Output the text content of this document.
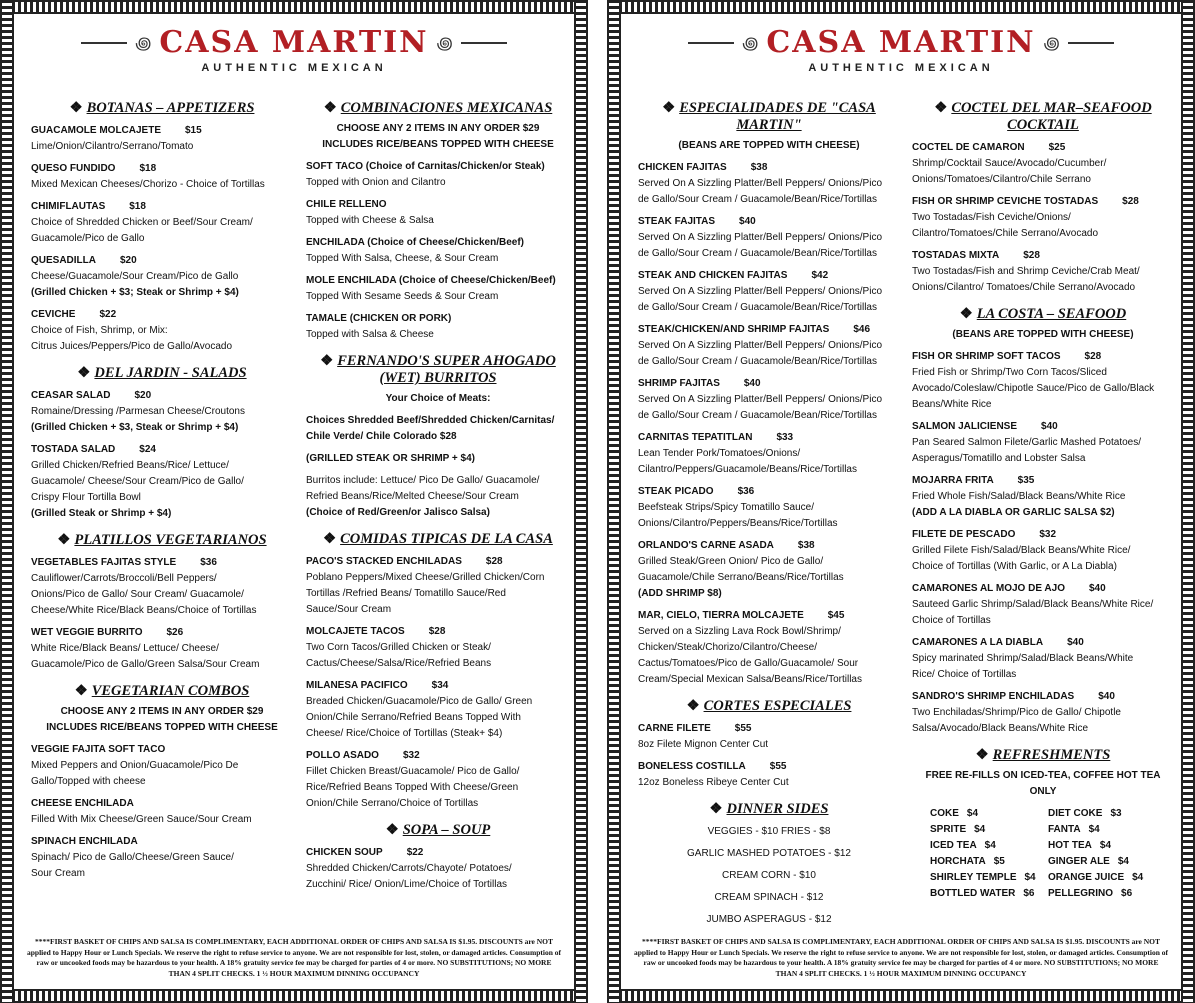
꩜ CASA MARTIN ꩜
AUTHENTIC MEXICAN
❖ BOTANAS – APPETIZERS
GUACAMOLE MOLCAJETE $15
Lime/Onion/Cilantro/Serrano/Tomato
QUESO FUNDIDO $18
Mixed Mexican Cheeses/Chorizo - Choice of Tortillas
CHIMIFLAUTAS $18
Choice of Shredded Chicken or Beef/Sour Cream/
Guacamole/Pico de Gallo
QUESADILLA $20
Cheese/Guacamole/Sour Cream/Pico de Gallo
(Grilled Chicken + $3; Steak or Shrimp + $4)
CEVICHE $22
Choice of Fish, Shrimp, or Mix:
Citrus Juices/Peppers/Pico de Gallo/Avocado
❖ DEL JARDIN - SALADS
CEASAR SALAD $20
Romaine/Dressing /Parmesan Cheese/Croutons
(Grilled Chicken + $3, Steak or Shrimp + $4)
TOSTADA SALAD $24
Grilled Chicken/Refried Beans/Rice/ Lettuce/
Guacamole/ Cheese/Sour Cream/Pico de Gallo/
Crispy Flour Tortilla Bowl
(Grilled Steak or Shrimp + $4)
❖ PLATILLOS VEGETARIANOS
VEGETABLES FAJITAS STYLE $36
Cauliflower/Carrots/Broccoli/Bell Peppers/
Onions/Pico de Gallo/ Sour Cream/ Guacamole/
Cheese/White Rice/Black Beans/Choice of Tortillas
WET VEGGIE BURRITO $26
White Rice/Black Beans/ Lettuce/ Cheese/
Guacamole/Pico de Gallo/Green Salsa/Sour Cream
❖ VEGETARIAN COMBOS
CHOOSE ANY 2 ITEMS IN ANY ORDER $29
INCLUDES RICE/BEANS TOPPED WITH CHEESE
VEGGIE FAJITA SOFT TACO
Mixed Peppers and Onion/Guacamole/Pico De
Gallo/Topped with cheese
CHEESE ENCHILADA
Filled With Mix Cheese/Green Sauce/Sour Cream
SPINACH ENCHILADA
Spinach/ Pico de Gallo/Cheese/Green Sauce/
Sour Cream
❖ COMBINACIONES MEXICANAS
CHOOSE ANY 2 ITEMS IN ANY ORDER $29
INCLUDES RICE/BEANS TOPPED WITH CHEESE
SOFT TACO (Choice of Carnitas/Chicken/or Steak)
Topped with Onion and Cilantro
CHILE RELLENO
Topped with Cheese & Salsa
ENCHILADA (Choice of Cheese/Chicken/Beef)
Topped With Salsa, Cheese, & Sour Cream
MOLE ENCHILADA (Choice of Cheese/Chicken/Beef)
Topped With Sesame Seeds & Sour Cream
TAMALE (CHICKEN OR PORK)
Topped with Salsa & Cheese
❖ FERNANDO'S SUPER AHOGADO (WET) BURRITOS
Your Choice of Meats:
Choices Shredded Beef/Shredded Chicken/Carnitas/
Chile Verde/ Chile Colorado $28
(GRILLED STEAK OR SHRIMP + $4)
Burritos include: Lettuce/ Pico De Gallo/ Guacamole/
Refried Beans/Rice/Melted Cheese/Sour Cream
(Choice of Red/Green/or Jalisco Salsa)
❖ COMIDAS TIPICAS DE LA CASA
PACO'S STACKED ENCHILADAS $28
Poblano Peppers/Mixed Cheese/Grilled Chicken/Corn
Tortillas /Refried Beans/ Tomatillo Sauce/Red
Sauce/Sour Cream
MOLCAJETE TACOS $28
Two Corn Tacos/Grilled Chicken or Steak/
Cactus/Cheese/Salsa/Rice/Refried Beans
MILANESA PACIFICO $34
Breaded Chicken/Guacamole/Pico de Gallo/ Green
Onion/Chile Serrano/Refried Beans Topped With
Cheese/ Rice/Choice of Tortillas (Steak+ $4)
POLLO ASADO $32
Fillet Chicken Breast/Guacamole/ Pico de Gallo/
Rice/Refried Beans Topped With Cheese/Green
Onion/Chile Serrano/Choice of Tortillas
❖ SOPA – SOUP
CHICKEN SOUP $22
Shredded Chicken/Carrots/Chayote/ Potatoes/
Zucchini/ Rice/ Onion/Lime/Choice of Tortillas
****FIRST BASKET OF CHIPS AND SALSA IS COMPLIMENTARY, EACH ADDITIONAL ORDER OF CHIPS AND SALSA IS $1.95. DISCOUNTS are NOT applied to Happy Hour or Lunch Specials. We reserve the right to refuse service to anyone. We are not responsible for lost, stolen, or damaged articles. Consumption of raw or uncooked foods may be hazardous to your health. A 18% gratuity service fee may be charged for parties of 4 or more. NO SUBSTITUTIONS; NO MORE THAN 4 SPLIT CHECKS. 1 ½ HOUR MAXIMUM DINNING OCCUPANCY
꩜ CASA MARTIN ꩜
AUTHENTIC MEXICAN
❖ ESPECIALIDADES DE "CASA MARTIN"
(BEANS ARE TOPPED WITH CHEESE)
CHICKEN FAJITAS $38
Served On A Sizzling Platter/Bell Peppers/ Onions/Pico
de Gallo/Sour Cream / Guacamole/Bean/Rice/Tortillas
STEAK FAJITAS $40
Served On A Sizzling Platter/Bell Peppers/ Onions/Pico
de Gallo/Sour Cream / Guacamole/Bean/Rice/Tortillas
STEAK AND CHICKEN FAJITAS $42
Served On A Sizzling Platter/Bell Peppers/ Onions/Pico
de Gallo/Sour Cream / Guacamole/Bean/Rice/Tortillas
STEAK/CHICKEN/AND SHRIMP FAJITAS $46
Served On A Sizzling Platter/Bell Peppers/ Onions/Pico
de Gallo/Sour Cream / Guacamole/Bean/Rice/Tortillas
SHRIMP FAJITAS $40
Served On A Sizzling Platter/Bell Peppers/ Onions/Pico
de Gallo/Sour Cream / Guacamole/Bean/Rice/Tortillas
CARNITAS TEPATITLAN $33
Lean Tender Pork/Tomatoes/Onions/
Cilantro/Peppers/Guacamole/Beans/Rice/Tortillas
STEAK PICADO $36
Beefsteak Strips/Spicy Tomatillo Sauce/
Onions/Cilantro/Peppers/Beans/Rice/Tortillas
ORLANDO'S CARNE ASADA $38
Grilled Steak/Green Onion/ Pico de Gallo/
Guacamole/Chile Serrano/Beans/Rice/Tortillas
(ADD SHRIMP $8)
MAR, CIELO, TIERRA MOLCAJETE $45
Served on a Sizzling Lava Rock Bowl/Shrimp/
Chicken/Steak/Chorizo/Cilantro/Cheese/
Cactus/Tomatoes/Pico de Gallo/Guacamole/ Sour
Cream/Special Mexican Salsa/Beans/Rice/Tortillas
❖ CORTES ESPECIALES
CARNE FILETE $55
8oz Filete Mignon Center Cut
BONELESS COSTILLA $55
12oz Boneless Ribeye Center Cut
❖ DINNER SIDES
VEGGIES - $10 FRIES - $8
GARLIC MASHED POTATOES - $12
CREAM CORN - $10
CREAM SPINACH - $12
JUMBO ASPERAGUS - $12
❖ COCTEL DEL MAR–SEAFOOD COCKTAIL
COCTEL DE CAMARON $25
Shrimp/Cocktail Sauce/Avocado/Cucumber/
Onions/Tomatoes/Cilantro/Chile Serrano
FISH OR SHRIMP CEVICHE TOSTADAS $28
Two Tostadas/Fish Ceviche/Onions/
Cilantro/Tomatoes/Chile Serrano/Avocado
TOSTADAS MIXTA $28
Two Tostadas/Fish and Shrimp Ceviche/Crab Meat/
Onions/Cilantro/ Tomatoes/Chile Serrano/Avocado
❖ LA COSTA – SEAFOOD
(BEANS ARE TOPPED WITH CHEESE)
FISH OR SHRIMP SOFT TACOS $28
Fried Fish or Shrimp/Two Corn Tacos/Sliced
Avocado/Coleslaw/Chipotle Sauce/Pico de Gallo/Black
Beans/White Rice
SALMON JALICIENSE $40
Pan Seared Salmon Filete/Garlic Mashed Potatoes/
Asperagus/Tomatillo and Lobster Salsa
MOJARRA FRITA $35
Fried Whole Fish/Salad/Black Beans/White Rice
(ADD A LA DIABLA OR GARLIC SALSA $2)
FILETE DE PESCADO $32
Grilled Filete Fish/Salad/Black Beans/White Rice/
Choice of Tortillas (With Garlic, or A La Diabla)
CAMARONES AL MOJO DE AJO $40
Sauteed Garlic Shrimp/Salad/Black Beans/White Rice/
Choice of Tortillas
CAMARONES A LA DIABLA $40
Spicy marinated Shrimp/Salad/Black Beans/White
Rice/ Choice of Tortillas
SANDRO'S SHRIMP ENCHILADAS $40
Two Enchiladas/Shrimp/Pico de Gallo/ Chipotle
Salsa/Avocado/Black Beans/White Rice
❖ REFRESHMENTS
FREE RE-FILLS ON ICED-TEA, COFFEE HOT TEA ONLY
COKE $4	DIET COKE $3
SPRITE $4	FANTA $4
ICED TEA $4	HOT TEA $4
HORCHATA $5	GINGER ALE $4
SHIRLEY TEMPLE $4	ORANGE JUICE $4
BOTTLED WATER $6	PELLEGRINO $6
****FIRST BASKET OF CHIPS AND SALSA IS COMPLIMENTARY, EACH ADDITIONAL ORDER OF CHIPS AND SALSA IS $1.95. DISCOUNTS are NOT applied to Happy Hour or Lunch Specials. We reserve the right to refuse service to anyone. We are not responsible for lost, stolen, or damaged articles. Consumption of raw or uncooked foods may be hazardous to your health. A 18% gratuity service fee may be charged for parties of 4 or more. NO SUBSTITUTIONS; NO MORE THAN 4 SPLIT CHECKS. 1 ½ HOUR MAXIMUM DINNING OCCUPANCY
